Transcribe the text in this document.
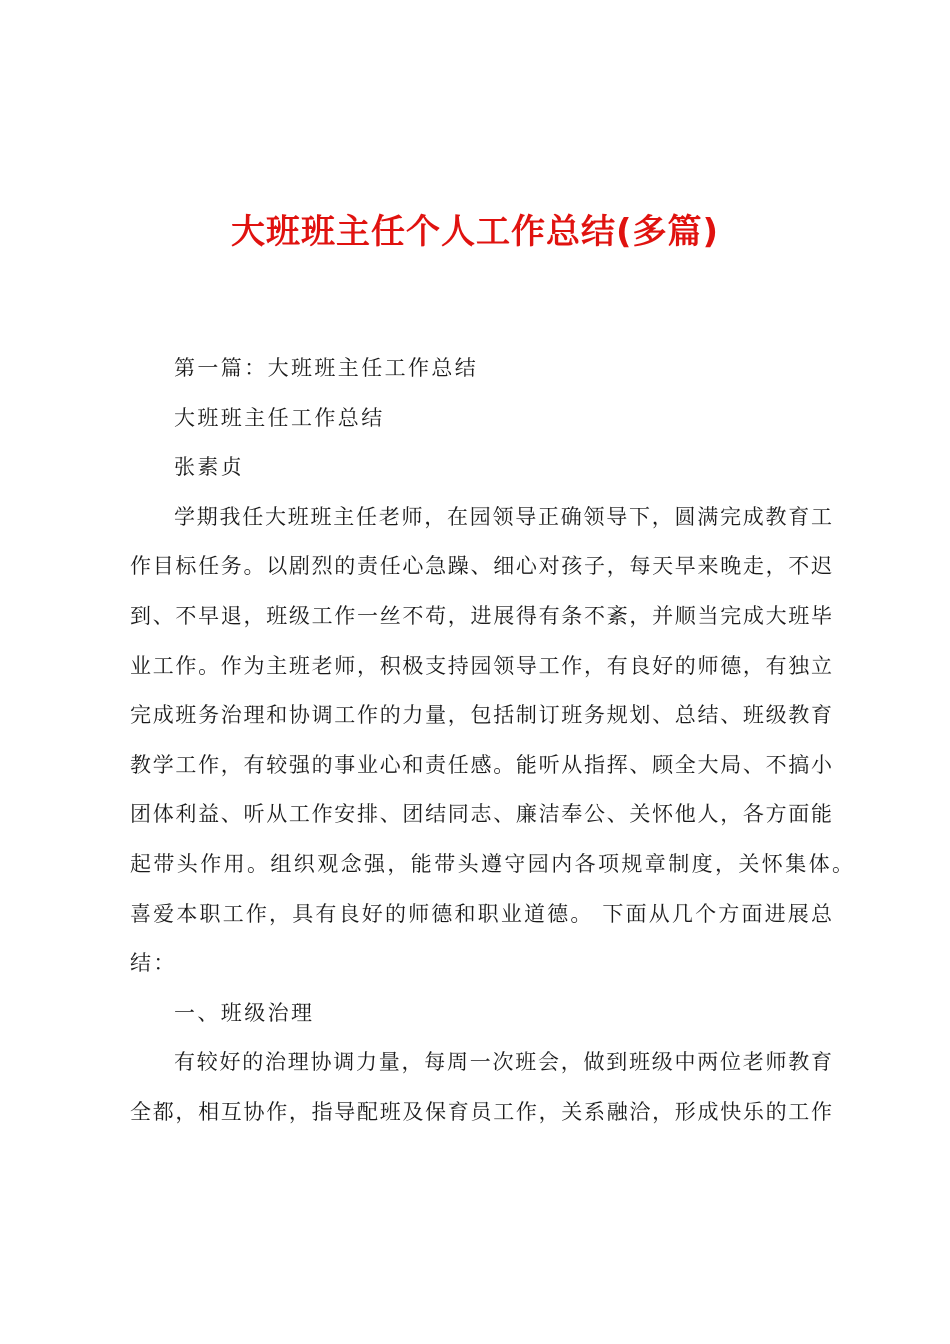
大班班主任个人工作总结(多篇)

第一篇：大班班主任工作总结

大班班主任工作总结

张素贞

学期我任大班班主任老师，在园领导正确领导下，圆满完成教育工

作目标任务。以剧烈的责任心急躁、细心对孩子，每天早来晚走，不迟

到、不早退，班级工作一丝不苟，进展得有条不紊，并顺当完成大班毕

业工作。作为主班老师，积极支持园领导工作，有良好的师德，有独立

完成班务治理和协调工作的力量，包括制订班务规划、总结、班级教育

教学工作，有较强的事业心和责任感。能听从指挥、顾全大局、不搞小

团体利益、听从工作安排、团结同志、廉洁奉公、关怀他人，各方面能

起带头作用。组织观念强，能带头遵守园内各项规章制度，关怀集体。

喜爱本职工作，具有良好的师德和职业道德。 下面从几个方面进展总

结：

一、班级治理

有较好的治理协调力量，每周一次班会，做到班级中两位老师教育

全都，相互协作，指导配班及保育员工作，关系融洽，形成快乐的工作
